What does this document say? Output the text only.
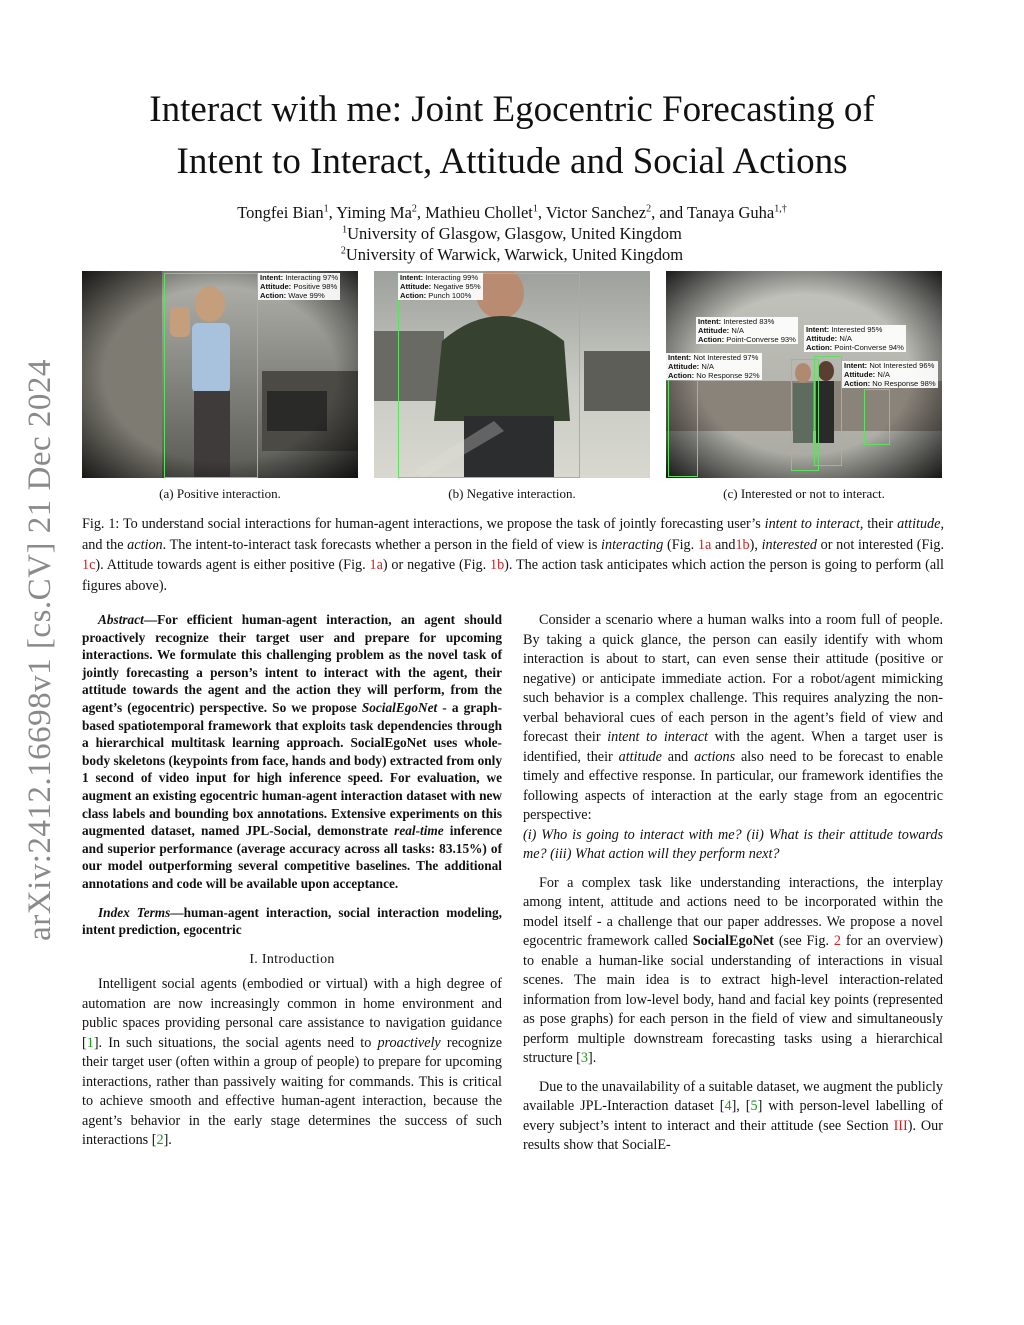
arXiv:2412.16698v1 [cs.CV] 21 Dec 2024
Interact with me: Joint Egocentric Forecasting of
Intent to Interact, Attitude and Social Actions
Tongfei Bian$^1$, Yiming Ma$^2$, Mathieu Chollet$^1$, Victor Sanchez$^2$, and Tanaya Guha$^{1,\dagger}$
$^1$University of Glasgow, Glasgow, United Kingdom
$^2$University of Warwick, Warwick, United Kingdom
Intent: Interacting 97%
Attitude: Positive 98%
Action: Wave 99%
(a) Positive interaction.
Intent: Interacting 99%
Attitude: Negative 95%
Action: Punch 100%
(b) Negative interaction.
Intent: Interested 83%
Attitude: N/A
Action: Point-Converse 93%
Intent: Interested 95%
Attitude: N/A
Action: Point-Converse 94%
Intent: Not Interested 97%
Attitude: N/A
Action: No Response 92%
Intent: Not Interested 96%
Attitude: N/A
Action: No Response 98%
(c) Interested or not to interact.
Fig. 1: To understand social interactions for human-agent interactions, we propose the task of jointly forecasting user’s intent to interact, their attitude, and the action. The intent-to-interact task forecasts whether a person in the field of view is interacting (Fig. 1a and1b), interested or not interested (Fig. 1c). Attitude towards agent is either positive (Fig. 1a) or negative (Fig. 1b). The action task anticipates which action the person is going to perform (all figures above).

Abstract—For efficient human-agent interaction, an agent should proactively recognize their target user and prepare for upcoming interactions. We formulate this challenging problem as the novel task of jointly forecasting a person’s intent to interact with the agent, their attitude towards the agent and the action they will perform, from the agent’s (egocentric) perspective. So we propose SocialEgoNet - a graph-based spatiotemporal framework that exploits task dependencies through a hierarchical multitask learning approach. SocialEgoNet uses whole-body skeletons (keypoints from face, hands and body) extracted from only 1 second of video input for high inference speed. For evaluation, we augment an existing egocentric human-agent interaction dataset with new class labels and bounding box annotations. Extensive experiments on this augmented dataset, named JPL-Social, demonstrate real-time inference and superior performance (average accuracy across all tasks: 83.15%) of our model outperforming several competitive baselines. The additional annotations and code will be available upon acceptance.

Index Terms—human-agent interaction, social interaction modeling, intent prediction, egocentric

I. Introduction

Intelligent social agents (embodied or virtual) with a high degree of automation are now increasingly common in home environment and public spaces providing personal care assistance to navigation guidance [1]. In such situations, the social agents need to proactively recognize their target user (often within a group of people) to prepare for upcoming interactions, rather than passively waiting for commands. This is critical to achieve smooth and effective human-agent interaction, because the agent’s behavior in the early stage determines the success of such interactions [2].

Consider a scenario where a human walks into a room full of people. By taking a quick glance, the person can easily identify with whom interaction is about to start, can even sense their attitude (positive or negative) or anticipate immediate action. For a robot/agent mimicking such behavior is a complex challenge. This requires analyzing the non-verbal behavioral cues of each person in the agent’s field of view and forecast their intent to interact with the agent. When a target user is identified, their attitude and actions also need to be forecast to enable timely and effective response. In particular, our framework identifies the following aspects of interaction at the early stage from an egocentric perspective:
(i) Who is going to interact with me? (ii) What is their attitude towards me? (iii) What action will they perform next?

For a complex task like understanding interactions, the interplay among intent, attitude and actions need to be incorporated within the model itself - a challenge that our paper addresses. We propose a novel egocentric framework called SocialEgoNet (see Fig. 2 for an overview) to enable a human-like social understanding of interactions in visual scenes. The main idea is to extract high-level interaction-related information from low-level body, hand and facial key points (represented as pose graphs) for each person in the field of view and simultaneously perform multiple downstream forecasting tasks using a hierarchical structure [3].

Due to the unavailability of a suitable dataset, we augment the publicly available JPL-Interaction dataset [4], [5] with person-level labelling of every subject’s intent to interact and their attitude (see Section III). Our results show that SocialE-
